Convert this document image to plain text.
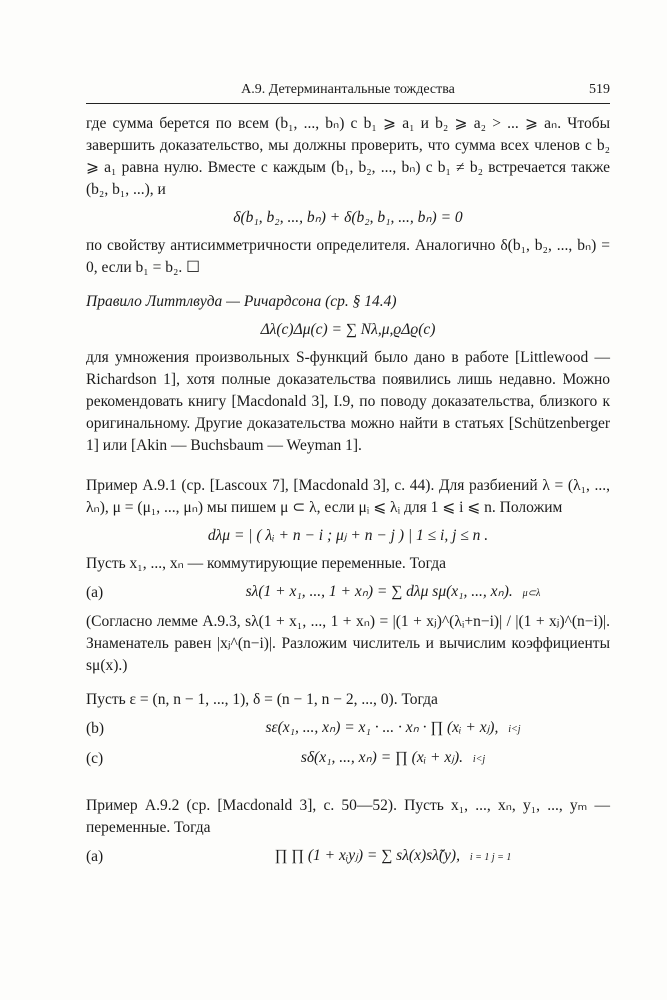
А.9. Детерминантальные тождества	519

где сумма берется по всем (b₁, ..., bₙ) с b₁ ⩾ a₁ и b₂ ⩾ a₂ > ... ⩾ aₙ. Чтобы завершить доказательство, мы должны проверить, что сумма всех членов с b₂ ⩾ a₁ равна нулю. Вместе с каждым (b₁, b₂, ..., bₙ) с b₁ ≠ b₂ встречается также (b₂, b₁, ...), и

δ(b₁, b₂, ..., bₙ) + δ(b₂, b₁, ..., bₙ) = 0

по свойству антисимметричности определителя. Аналогично δ(b₁, b₂, ..., bₙ) = 0, если b₁ = b₂. ☐

Правило Литтлвуда — Ричардсона (ср. § 14.4)

Δλ(c)Δμ(c) = ∑ Nλ,μ,ϱΔϱ(c)

для умножения произвольных S-функций было дано в работе [Littlewood — Richardson 1], хотя полные доказательства появились лишь недавно. Можно рекомендовать книгу [Macdonald 3], I.9, по поводу доказательства, близкого к оригинальному. Другие доказательства можно найти в статьях [Schützenberger 1] или [Akin — Buchsbaum — Weyman 1].

Пример А.9.1 (ср. [Lascoux 7], [Macdonald 3], с. 44). Для разбиений λ = (λ₁, ..., λₙ), μ = (μ₁, ..., μₙ) мы пишем μ ⊂ λ, если μᵢ ⩽ λᵢ для 1 ⩽ i ⩽ n. Положим

dλμ = | ( λᵢ + n − i ; μⱼ + n − j ) | 1 ≤ i, j ≤ n .

Пусть x₁, ..., xₙ — коммутирующие переменные. Тогда

(a)	sλ(1 + x₁, ..., 1 + xₙ) = ∑ dλμ sμ(x₁, ..., xₙ). μ⊂λ

(Согласно лемме А.9.3, sλ(1 + x₁, ..., 1 + xₙ) = |(1 + xⱼ)^(λᵢ+n−i)| / |(1 + xⱼ)^(n−i)|. Знаменатель равен |xⱼ^(n−i)|. Разложим числитель и вычислим коэффициенты sμ(x).)

Пусть ε = (n, n − 1, ..., 1), δ = (n − 1, n − 2, ..., 0). Тогда

(b)	sε(x₁, ..., xₙ) = x₁ · ... · xₙ · ∏ (xᵢ + xⱼ), i<j
(c)	sδ(x₁, ..., xₙ) = ∏ (xᵢ + xⱼ). i<j

Пример А.9.2 (ср. [Macdonald 3], с. 50—52). Пусть x₁, ..., xₙ, y₁, ..., yₘ — переменные. Тогда

(a)	∏ ∏ (1 + xᵢyⱼ) = ∑ sλ(x)sλ̃(y), i = 1 j = 1
